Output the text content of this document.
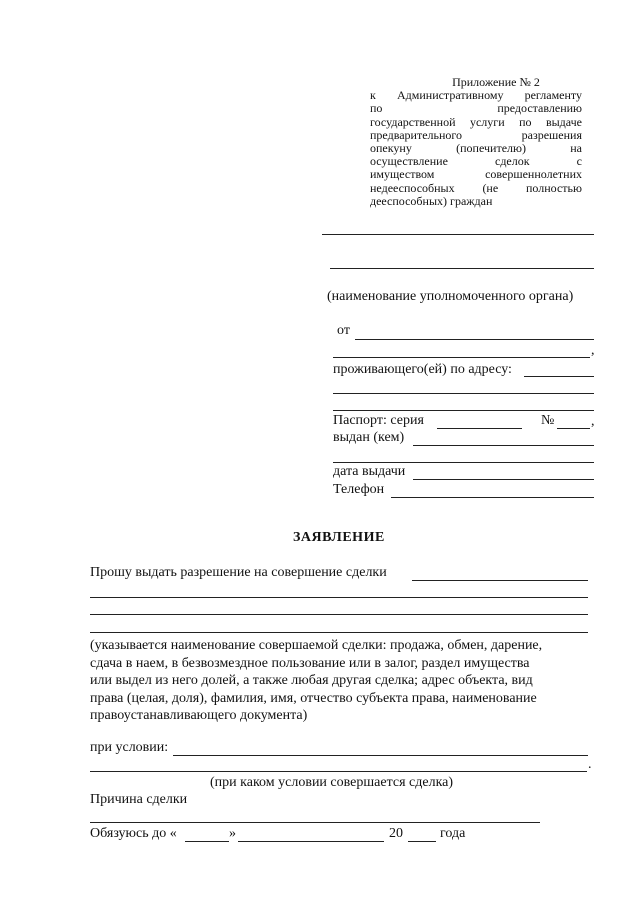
Приложение № 2
к Административному регламенту
по предоставлению
государственной услуги по выдаче
предварительного разрешения
опекуну (попечителю) на
осуществление сделок с
имуществом совершеннолетних
недееспособных (не полностью
дееспособных) граждан
(наименование уполномоченного органа)
от
,
проживающего(ей) по адресу:
Паспорт: серия	№	,
выдан (кем)
дата выдачи
Телефон
ЗАЯВЛЕНИЕ
Прошу выдать разрешение на совершение сделки
(указывается наименование совершаемой сделки: продажа, обмен, дарение,
сдача в наем, в безвозмездное пользование или в залог, раздел имущества
или выдел из него долей, а также любая другая сделка; адрес объекта, вид
права (целая, доля), фамилия, имя, отчество субъекта права, наименование
правоустанавливающего документа)
при условии:
.
(при каком условии совершается сделка)
Причина сделки
Обязуюсь до «	»	20	года
